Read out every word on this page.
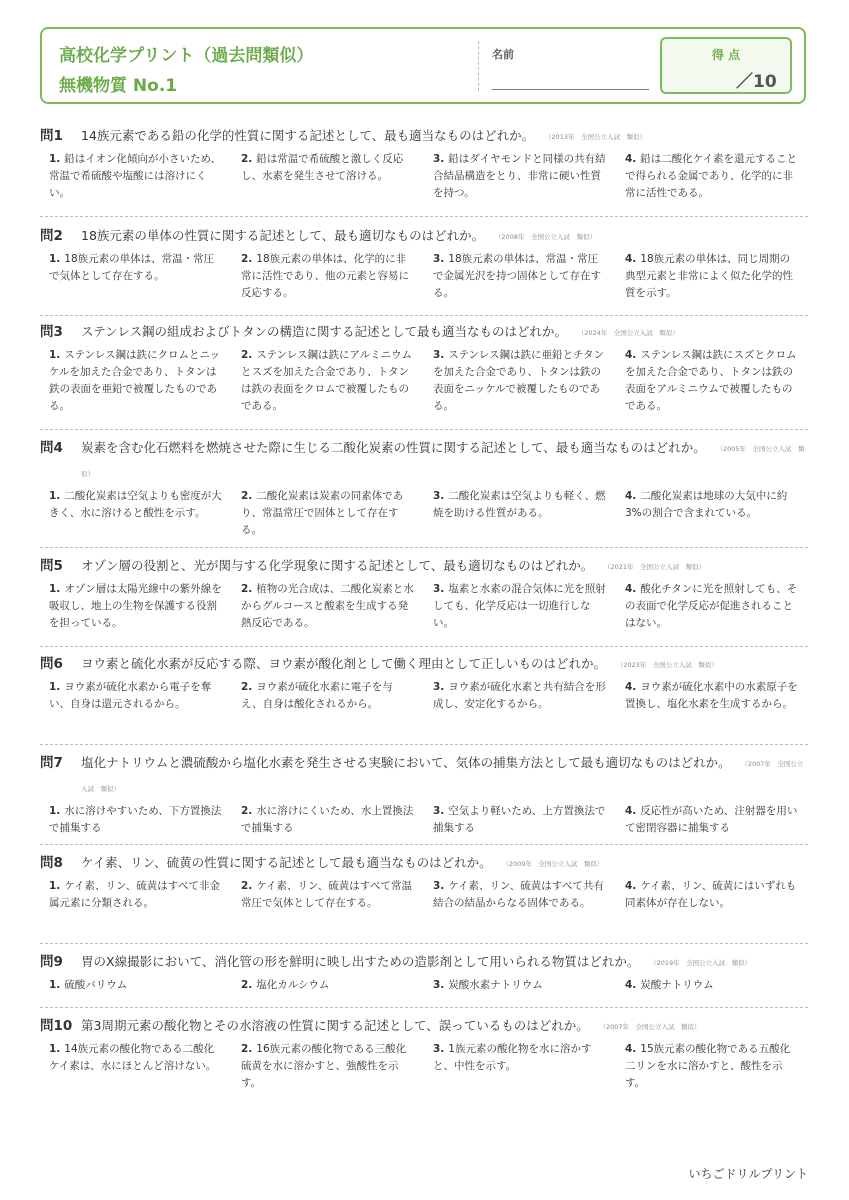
高校化学プリント（過去問類似）
無機物質 No.1
名前	得 点
／10
問1 14族元素である鉛の化学的性質に関する記述として、最も適当なものはどれか。 （2013年　全国公立入試　類似）
1. 鉛はイオン化傾向が小さいため、常温で希硫酸や塩酸には溶けにくい。
2. 鉛は常温で希硫酸と激しく反応し、水素を発生させて溶ける。
3. 鉛はダイヤモンドと同様の共有結合結晶構造をとり、非常に硬い性質を持つ。
4. 鉛は二酸化ケイ素を還元することで得られる金属であり、化学的に非常に活性である。
問2 18族元素の単体の性質に関する記述として、最も適切なものはどれか。 （2008年　全国公立入試　類似）
1. 18族元素の単体は、常温・常圧で気体として存在する。
2. 18族元素の単体は、化学的に非常に活性であり、他の元素と容易に反応する。
3. 18族元素の単体は、常温・常圧で金属光沢を持つ固体として存在する。
4. 18族元素の単体は、同じ周期の典型元素と非常によく似た化学的性質を示す。
問3 ステンレス鋼の組成およびトタンの構造に関する記述として最も適当なものはどれか。 （2024年　全国公立入試　類似）
1. ステンレス鋼は鉄にクロムとニッケルを加えた合金であり、トタンは鉄の表面を亜鉛で被覆したものである。
2. ステンレス鋼は鉄にアルミニウムとスズを加えた合金であり、トタンは鉄の表面をクロムで被覆したものである。
3. ステンレス鋼は鉄に亜鉛とチタンを加えた合金であり、トタンは鉄の表面をニッケルで被覆したものである。
4. ステンレス鋼は鉄にスズとクロムを加えた合金であり、トタンは鉄の表面をアルミニウムで被覆したものである。
問4 炭素を含む化石燃料を燃焼させた際に生じる二酸化炭素の性質に関する記述として、最も適当なものはどれか。 （2005年　全国公立入試　類似）
1. 二酸化炭素は空気よりも密度が大きく、水に溶けると酸性を示す。
2. 二酸化炭素は炭素の同素体であり、常温常圧で固体として存在する。
3. 二酸化炭素は空気よりも軽く、燃焼を助ける性質がある。
4. 二酸化炭素は地球の大気中に約3%の割合で含まれている。
問5 オゾン層の役割と、光が関与する化学現象に関する記述として、最も適切なものはどれか。 （2021年　全国公立入試　類似）
1. オゾン層は太陽光線中の紫外線を吸収し、地上の生物を保護する役割を担っている。
2. 植物の光合成は、二酸化炭素と水からグルコースと酸素を生成する発熱反応である。
3. 塩素と水素の混合気体に光を照射しても、化学反応は一切進行しない。
4. 酸化チタンに光を照射しても、その表面で化学反応が促進されることはない。
問6 ヨウ素と硫化水素が反応する際、ヨウ素が酸化剤として働く理由として正しいものはどれか。 （2023年　全国公立入試　類似）
1. ヨウ素が硫化水素から電子を奪い、自身は還元されるから。
2. ヨウ素が硫化水素に電子を与え、自身は酸化されるから。
3. ヨウ素が硫化水素と共有結合を形成し、安定化するから。
4. ヨウ素が硫化水素中の水素原子を置換し、塩化水素を生成するから。
問7 塩化ナトリウムと濃硫酸から塩化水素を発生させる実験において、気体の捕集方法として最も適切なものはどれか。 （2007年　全国公立入試　類似）
1. 水に溶けやすいため、下方置換法で捕集する
2. 水に溶けにくいため、水上置換法で捕集する
3. 空気より軽いため、上方置換法で捕集する
4. 反応性が高いため、注射器を用いて密閉容器に捕集する
問8 ケイ素、リン、硫黄の性質に関する記述として最も適当なものはどれか。 （2009年　全国公立入試　類似）
1. ケイ素、リン、硫黄はすべて非金属元素に分類される。
2. ケイ素、リン、硫黄はすべて常温常圧で気体として存在する。
3. ケイ素、リン、硫黄はすべて共有結合の結晶からなる固体である。
4. ケイ素、リン、硫黄にはいずれも同素体が存在しない。
問9 胃のX線撮影において、消化管の形を鮮明に映し出すための造影剤として用いられる物質はどれか。 （2019年　全国公立入試　類似）
1. 硫酸バリウム	2. 塩化カルシウム	3. 炭酸水素ナトリウム	4. 炭酸ナトリウム
問10 第3周期元素の酸化物とその水溶液の性質に関する記述として、誤っているものはどれか。 （2007年　全国公立入試　類似）
1. 14族元素の酸化物である二酸化ケイ素は、水にほとんど溶けない。
2. 16族元素の酸化物である三酸化硫黄を水に溶かすと、強酸性を示す。
3. 1族元素の酸化物を水に溶かすと、中性を示す。
4. 15族元素の酸化物である五酸化二リンを水に溶かすと、酸性を示す。
いちごドリルプリント
